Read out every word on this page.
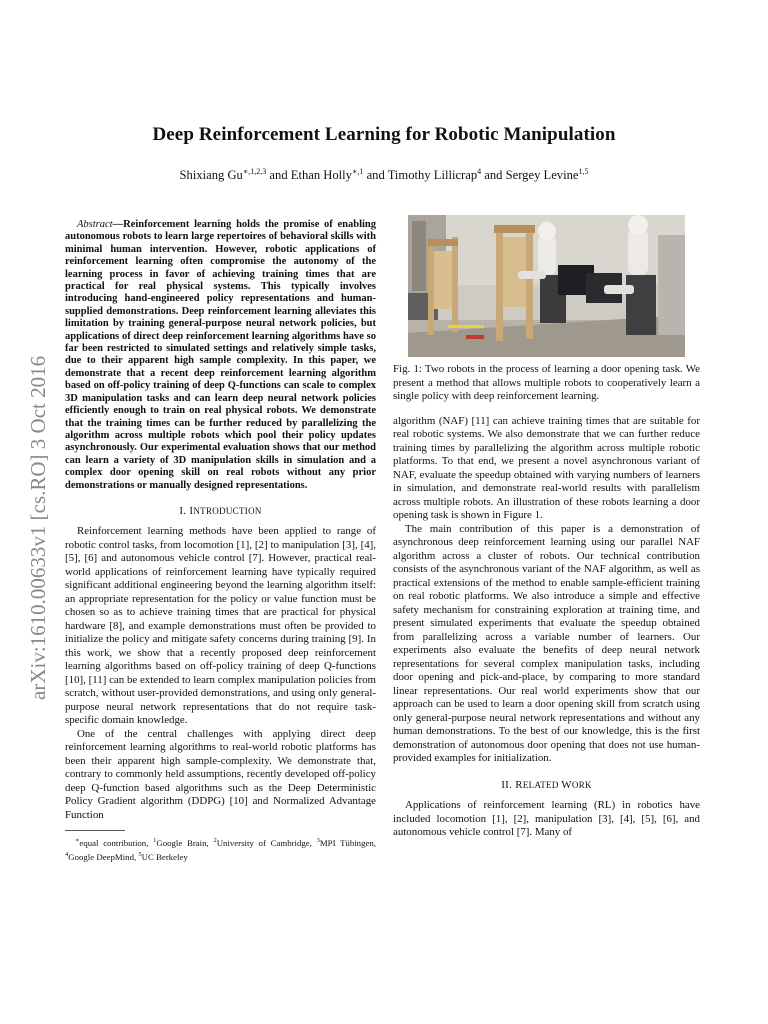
arXiv:1610.00633v1 [cs.RO] 3 Oct 2016
Deep Reinforcement Learning for Robotic Manipulation
Shixiang $Gu^{∗,1,2,3}$ and Ethan Holly$^{∗,1}$ and Timothy Lillicrap$^4$ and Sergey Levine$^{1,5}$

Abstract—Reinforcement learning holds the promise of enabling autonomous robots to learn large repertoires of behavioral skills with minimal human intervention. However, robotic applications of reinforcement learning often compromise the autonomy of the learning process in favor of achieving training times that are practical for real physical systems. This typically involves introducing hand-engineered policy representations and human-supplied demonstrations. Deep reinforcement learning alleviates this limitation by training general-purpose neural network policies, but applications of direct deep reinforcement learning algorithms have so far been restricted to simulated settings and relatively simple tasks, due to their apparent high sample complexity. In this paper, we demonstrate that a recent deep reinforcement learning algorithm based on off-policy training of deep Q-functions can scale to complex 3D manipulation tasks and can learn deep neural network policies efficiently enough to train on real physical robots. We demonstrate that the training times can be further reduced by parallelizing the algorithm across multiple robots which pool their policy updates asynchronously. Our experimental evaluation shows that our method can learn a variety of 3D manipulation skills in simulation and a complex door opening skill on real robots without any prior demonstrations or manually designed representations.

I. INTRODUCTION

Reinforcement learning methods have been applied to range of robotic control tasks, from locomotion [1], [2] to manipulation [3], [4], [5], [6] and autonomous vehicle control [7]. However, practical real-world applications of reinforcement learning have typically required significant additional engineering beyond the learning algorithm itself: an appropriate representation for the policy or value function must be chosen so as to achieve training times that are practical for physical hardware [8], and example demonstrations must often be provided to initialize the policy and mitigate safety concerns during training [9]. In this work, we show that a recently proposed deep reinforcement learning algorithms based on off-policy training of deep Q-functions [10], [11] can be extended to learn complex manipulation policies from scratch, without user-provided demonstrations, and using only general-purpose neural network representations that do not require task-specific domain knowledge.

One of the central challenges with applying direct deep reinforcement learning algorithms to real-world robotic platforms has been their apparent high sample-complexity. We demonstrate that, contrary to commonly held assumptions, recently developed off-policy deep Q-function based algorithms such as the Deep Deterministic Policy Gradient algorithm (DDPG) [10] and Normalized Advantage Function

∗equal contribution, $^1$Google Brain, $^2$University of Cambridge, $^3$MPI Tübingen, $^4$Google DeepMind, $^5$UC Berkeley

Fig. 1: Two robots in the process of learning a door opening task. We present a method that allows multiple robots to cooperatively learn a single policy with deep reinforcement learning.

algorithm (NAF) [11] can achieve training times that are suitable for real robotic systems. We also demonstrate that we can further reduce training times by parallelizing the algorithm across multiple robotic platforms. To that end, we present a novel asynchronous variant of NAF, evaluate the speedup obtained with varying numbers of learners in simulation, and demonstrate real-world results with parallelism across multiple robots. An illustration of these robots learning a door opening task is shown in Figure 1.

The main contribution of this paper is a demonstration of asynchronous deep reinforcement learning using our parallel NAF algorithm across a cluster of robots. Our technical contribution consists of the asynchronous variant of the NAF algorithm, as well as practical extensions of the method to enable sample-efficient training on real robotic platforms. We also introduce a simple and effective safety mechanism for constraining exploration at training time, and present simulated experiments that evaluate the speedup obtained from parallelizing across a variable number of learners. Our experiments also evaluate the benefits of deep neural network representations for several complex manipulation tasks, including door opening and pick-and-place, by comparing to more standard linear representations. Our real world experiments show that our approach can be used to learn a door opening skill from scratch using only general-purpose neural network representations and without any human demonstrations. To the best of our knowledge, this is the first demonstration of autonomous door opening that does not use human-provided examples for initialization.

II. RELATED WORK

Applications of reinforcement learning (RL) in robotics have included locomotion [1], [2], manipulation [3], [4], [5], [6], and autonomous vehicle control [7]. Many of
